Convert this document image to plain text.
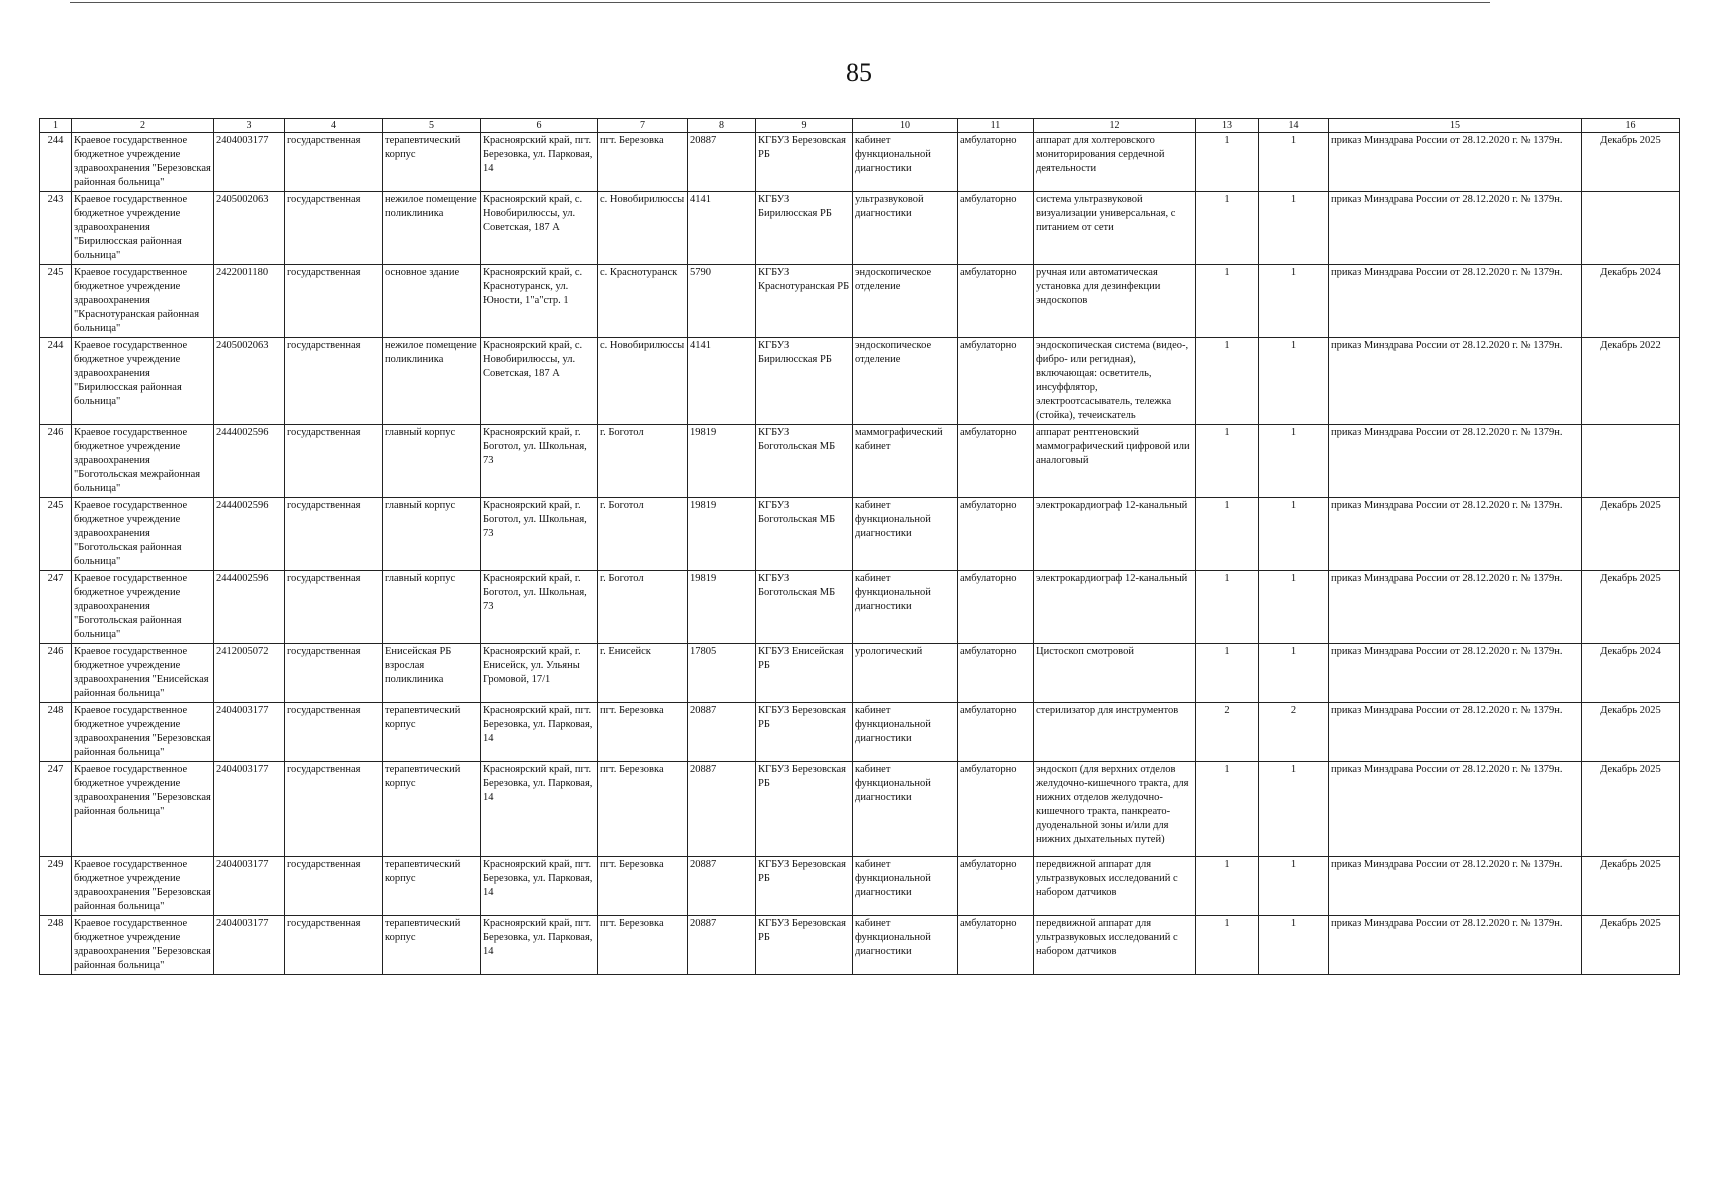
85
1	2	3	4	5	6	7	8	9	10	11	12	13	14	15	16
244	Краевое государственное бюджетное учреждение здравоохранения "Березовская районная больница"	2404003177	государственная	терапевтический корпус	Красноярский край, пгт. Березовка, ул. Парковая, 14	пгт. Березовка	20887	КГБУЗ Березовская РБ	кабинет функциональной диагностики	амбулаторно	аппарат для холтеровского мониторирования сердечной деятельности	1	1	приказ Минздрава России от 28.12.2020 г. № 1379н.	Декабрь 2025
243	Краевое государственное бюджетное учреждение здравоохранения "Бирилюсская районная больница"	2405002063	государственная	нежилое помещение поликлиника	Красноярский край, с. Новобирилюссы, ул. Советская, 187 А	с. Новобирилюссы	4141	КГБУЗ Бирилюсская РБ	ультразвуковой диагностики	амбулаторно	система ультразвуковой визуализации универсальная, с питанием от сети	1	1	приказ Минздрава России от 28.12.2020 г. № 1379н.	
245	Краевое государственное бюджетное учреждение здравоохранения "Краснотуранская районная больница"	2422001180	государственная	основное здание	Красноярский край, с. Краснотуранск, ул. Юности, 1"а"стр. 1	с. Краснотуранск	5790	КГБУЗ Краснотуранская РБ	эндоскопическое отделение	амбулаторно	ручная или автоматическая установка для дезинфекции эндоскопов	1	1	приказ Минздрава России от 28.12.2020 г. № 1379н.	Декабрь 2024
244	Краевое государственное бюджетное учреждение здравоохранения "Бирилюсская районная больница"	2405002063	государственная	нежилое помещение поликлиника	Красноярский край, с. Новобирилюссы, ул. Советская, 187 А	с. Новобирилюссы	4141	КГБУЗ Бирилюсская РБ	эндоскопическое отделение	амбулаторно	эндоскопическая система (видео-, фибро- или регидная), включающая: осветитель, инсуффлятор, электроотсасыватель, тележка (стойка), течеискатель	1	1	приказ Минздрава России от 28.12.2020 г. № 1379н.	Декабрь 2022
246	Краевое государственное бюджетное учреждение здравоохранения "Боготольская межрайонная больница"	2444002596	государственная	главный корпус	Красноярский край, г. Боготол, ул. Школьная, 73	г. Боготол	19819	КГБУЗ Боготольская МБ	маммографический кабинет	амбулаторно	аппарат рентгеновский маммографический цифровой или аналоговый	1	1	приказ Минздрава России от 28.12.2020 г. № 1379н.	
245	Краевое государственное бюджетное учреждение здравоохранения "Боготольская районная больница"	2444002596	государственная	главный корпус	Красноярский край, г. Боготол, ул. Школьная, 73	г. Боготол	19819	КГБУЗ Боготольская МБ	кабинет функциональной диагностики	амбулаторно	электрокардиограф 12-канальный	1	1	приказ Минздрава России от 28.12.2020 г. № 1379н.	Декабрь 2025
247	Краевое государственное бюджетное учреждение здравоохранения "Боготольская районная больница"	2444002596	государственная	главный корпус	Красноярский край, г. Боготол, ул. Школьная, 73	г. Боготол	19819	КГБУЗ Боготольская МБ	кабинет функциональной диагностики	амбулаторно	электрокардиограф 12-канальный	1	1	приказ Минздрава России от 28.12.2020 г. № 1379н.	Декабрь 2025
246	Краевое государственное бюджетное учреждение здравоохранения "Енисейская районная больница"	2412005072	государственная	Енисейская РБ взрослая поликлиника	Красноярский край, г. Енисейск, ул. Ульяны Громовой, 17/1	г. Енисейск	17805	КГБУЗ Енисейская РБ	урологический	амбулаторно	Цистоскоп смотровой	1	1	приказ Минздрава России от 28.12.2020 г. № 1379н.	Декабрь 2024
248	Краевое государственное бюджетное учреждение здравоохранения "Березовская районная больница"	2404003177	государственная	терапевтический корпус	Красноярский край, пгт. Березовка, ул. Парковая, 14	пгт. Березовка	20887	КГБУЗ Березовская РБ	кабинет функциональной диагностики	амбулаторно	стерилизатор для инструментов	2	2	приказ Минздрава России от 28.12.2020 г. № 1379н.	Декабрь 2025
247	Краевое государственное бюджетное учреждение здравоохранения "Березовская районная больница"	2404003177	государственная	терапевтический корпус	Красноярский край, пгт. Березовка, ул. Парковая, 14	пгт. Березовка	20887	КГБУЗ Березовская РБ	кабинет функциональной диагностики	амбулаторно	эндоскоп (для верхних отделов желудочно-кишечного тракта, для нижних отделов желудочно-кишечного тракта, панкреато-дуоденальной зоны и/или для нижних дыхательных путей)	1	1	приказ Минздрава России от 28.12.2020 г. № 1379н.	Декабрь 2025
249	Краевое государственное бюджетное учреждение здравоохранения "Березовская районная больница"	2404003177	государственная	терапевтический корпус	Красноярский край, пгт. Березовка, ул. Парковая, 14	пгт. Березовка	20887	КГБУЗ Березовская РБ	кабинет функциональной диагностики	амбулаторно	передвижной аппарат для ультразвуковых исследований с набором датчиков	1	1	приказ Минздрава России от 28.12.2020 г. № 1379н.	Декабрь 2025
248	Краевое государственное бюджетное учреждение здравоохранения "Березовская районная больница"	2404003177	государственная	терапевтический корпус	Красноярский край, пгт. Березовка, ул. Парковая, 14	пгт. Березовка	20887	КГБУЗ Березовская РБ	кабинет функциональной диагностики	амбулаторно	передвижной аппарат для ультразвуковых исследований с набором датчиков	1	1	приказ Минздрава России от 28.12.2020 г. № 1379н.	Декабрь 2025
